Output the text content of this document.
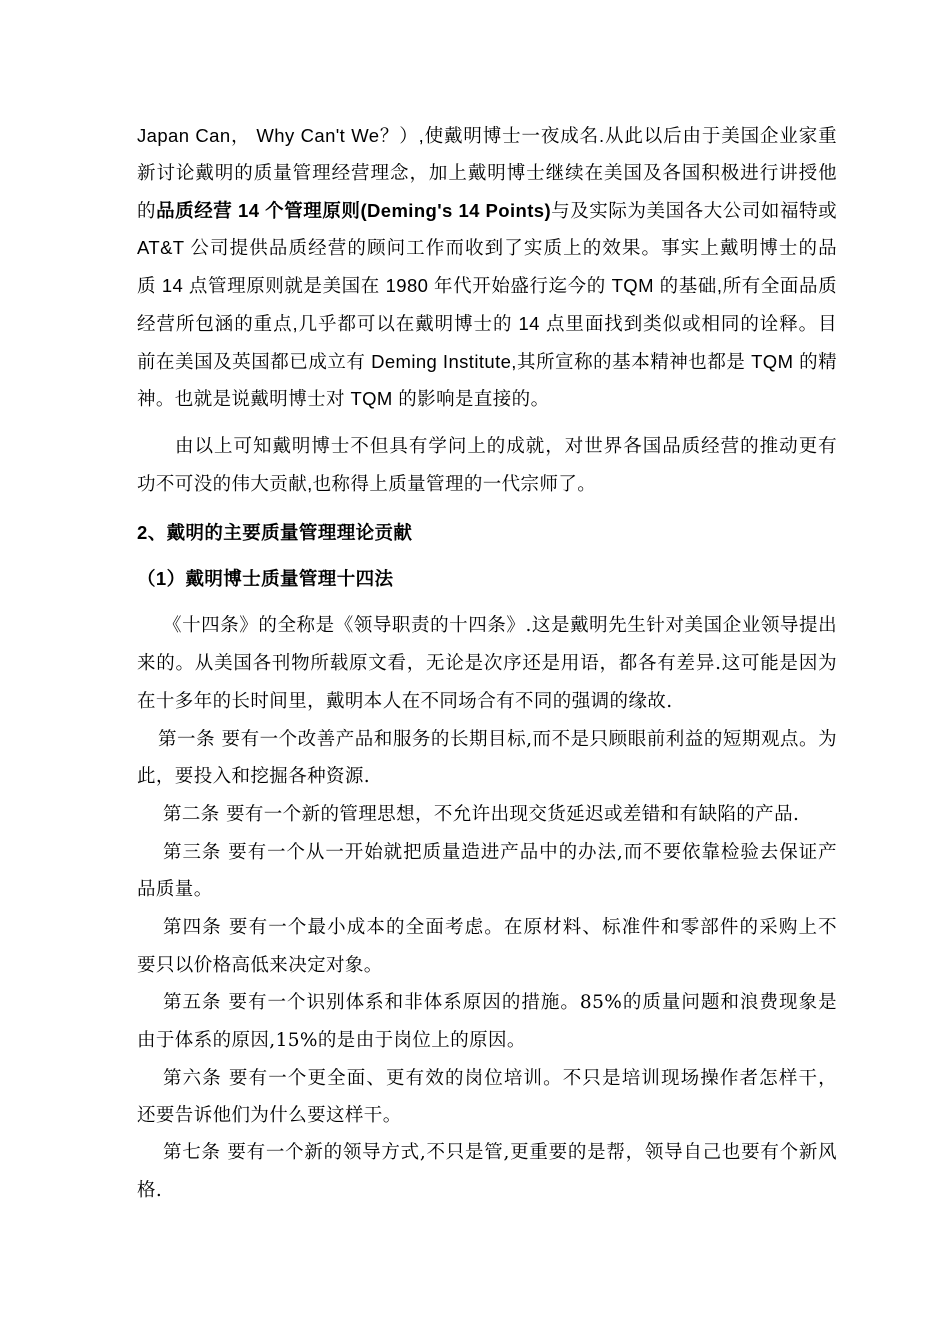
Japan Can， Why Can't We？）,使戴明博士一夜成名.从此以后由于美国企业家重
新讨论戴明的质量管理经营理念，加上戴明博士继续在美国及各国积极进行讲授他
的品质经营 14 个管理原则(Deming's 14 Points)与及实际为美国各大公司如福特或
AT&T 公司提供品质经营的顾问工作而收到了实质上的效果。事实上戴明博士的品
质 14 点管理原则就是美国在 1980 年代开始盛行迄今的 TQM 的基础,所有全面品质
经营所包涵的重点,几乎都可以在戴明博士的 14 点里面找到类似或相同的诠释。目
前在美国及英国都已成立有 Deming Institute,其所宣称的基本精神也都是 TQM 的精
神。也就是说戴明博士对 TQM 的影响是直接的。
由以上可知戴明博士不但具有学问上的成就，对世界各国品质经营的推动更有
功不可没的伟大贡献,也称得上质量管理的一代宗师了。
2、戴明的主要质量管理理论贡献
（1）戴明博士质量管理十四法
《十四条》的全称是《领导职责的十四条》.这是戴明先生针对美国企业领导提出
来的。从美国各刊物所载原文看，无论是次序还是用语，都各有差异.这可能是因为
在十多年的长时间里，戴明本人在不同场合有不同的强调的缘故.
第一条 要有一个改善产品和服务的长期目标,而不是只顾眼前利益的短期观点。为
此，要投入和挖掘各种资源.
第二条 要有一个新的管理思想，不允许出现交货延迟或差错和有缺陷的产品.
第三条 要有一个从一开始就把质量造进产品中的办法,而不要依靠检验去保证产
品质量。
第四条 要有一个最小成本的全面考虑。在原材料、标准件和零部件的采购上不
要只以价格高低来决定对象。
第五条 要有一个识别体系和非体系原因的措施。85%的质量问题和浪费现象是
由于体系的原因,15%的是由于岗位上的原因。
第六条 要有一个更全面、更有效的岗位培训。不只是培训现场操作者怎样干，
还要告诉他们为什么要这样干。
第七条 要有一个新的领导方式,不只是管,更重要的是帮，领导自己也要有个新风
格.
